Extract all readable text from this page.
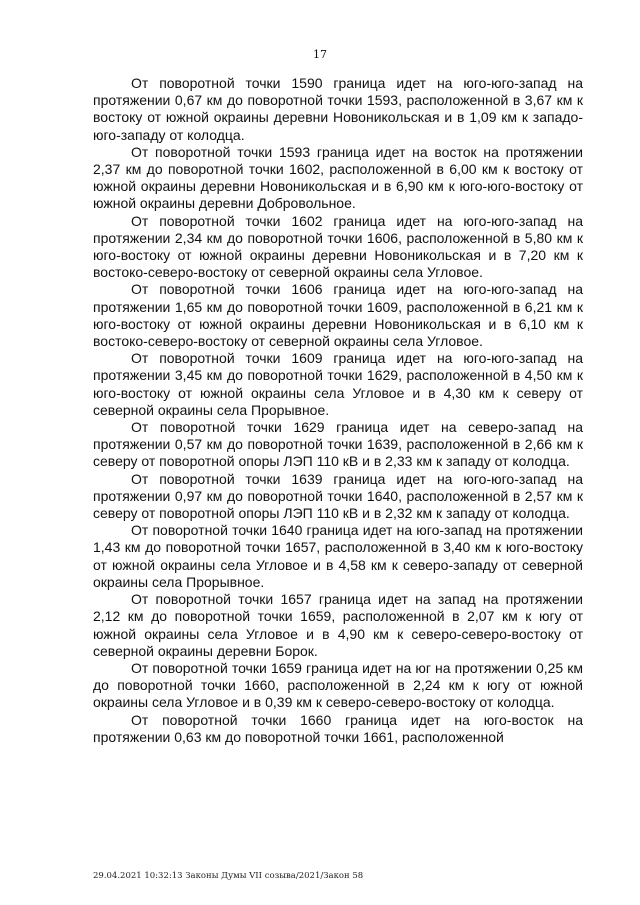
17

От поворотной точки 1590 граница идет на юго-юго-запад на протяжении 0,67 км до поворотной точки 1593, расположенной в 3,67 км к востоку от южной окраины деревни Новоникольская и в 1,09 км к западо-юго-западу от колодца.

От поворотной точки 1593 граница идет на восток на протяжении 2,37 км до поворотной точки 1602, расположенной в 6,00 км к востоку от южной окраины деревни Новоникольская и в 6,90 км к юго-юго-востоку от южной окраины деревни Добровольное.

От поворотной точки 1602 граница идет на юго-юго-запад на протяжении 2,34 км до поворотной точки 1606, расположенной в 5,80 км к юго-востоку от южной окраины деревни Новоникольская и в 7,20 км к востоко-северо-востоку от северной окраины села Угловое.

От поворотной точки 1606 граница идет на юго-юго-запад на протяжении 1,65 км до поворотной точки 1609, расположенной в 6,21 км к юго-востоку от южной окраины деревни Новоникольская и в 6,10 км к востоко-северо-востоку от северной окраины села Угловое.

От поворотной точки 1609 граница идет на юго-юго-запад на протяжении 3,45 км до поворотной точки 1629, расположенной в 4,50 км к юго-востоку от южной окраины села Угловое и в 4,30 км к северу от северной окраины села Прорывное.

От поворотной точки 1629 граница идет на северо-запад на протяжении 0,57 км до поворотной точки 1639, расположенной в 2,66 км к северу от поворотной опоры ЛЭП 110 кВ и в 2,33 км к западу от колодца.

От поворотной точки 1639 граница идет на юго-юго-запад на протяжении 0,97 км до поворотной точки 1640, расположенной в 2,57 км к северу от поворотной опоры ЛЭП 110 кВ и в 2,32 км к западу от колодца.

От поворотной точки 1640 граница идет на юго-запад на протяжении 1,43 км до поворотной точки 1657, расположенной в 3,40 км к юго-востоку от южной окраины села Угловое и в 4,58 км к северо-западу от северной окраины села Прорывное.

От поворотной точки 1657 граница идет на запад на протяжении 2,12 км до поворотной точки 1659, расположенной в 2,07 км к югу от южной окраины села Угловое и в 4,90 км к северо-северо-востоку от северной окраины деревни Борок.

От поворотной точки 1659 граница идет на юг на протяжении 0,25 км до поворотной точки 1660, расположенной в 2,24 км к югу от южной окраины села Угловое и в 0,39 км к северо-северо-востоку от колодца.

От поворотной точки 1660 граница идет на юго-восток на протяжении 0,63 км до поворотной точки 1661, расположенной

29.04.2021 10:32:13 Законы Думы VII созыва/2021/Закон 58
